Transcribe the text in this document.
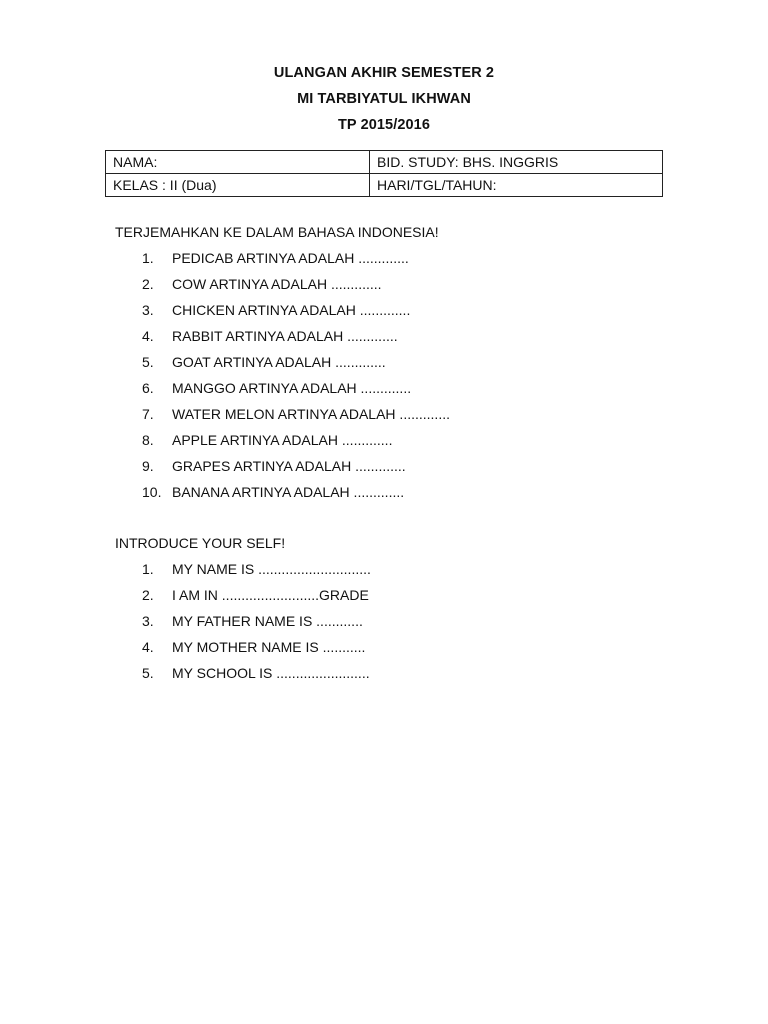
ULANGAN AKHIR SEMESTER 2
MI TARBIYATUL IKHWAN
TP 2015/2016
NAMA:	BID. STUDY: BHS. INGGRIS
KELAS : II (Dua)	HARI/TGL/TAHUN:
TERJEMAHKAN KE DALAM BAHASA INDONESIA!
1.	PEDICAB ARTINYA ADALAH .............
2.	COW ARTINYA ADALAH .............
3.	CHICKEN ARTINYA ADALAH .............
4.	RABBIT ARTINYA ADALAH .............
5.	GOAT ARTINYA ADALAH .............
6.	MANGGO ARTINYA ADALAH .............
7.	WATER MELON ARTINYA ADALAH .............
8.	APPLE ARTINYA ADALAH .............
9.	GRAPES ARTINYA ADALAH .............
10. BANANA ARTINYA ADALAH .............
INTRODUCE YOUR SELF!
1.	MY NAME IS .............................
2.	I AM IN .........................GRADE
3.	MY FATHER NAME IS ............
4.	MY MOTHER NAME IS ...........
5.	MY SCHOOL IS ........................
